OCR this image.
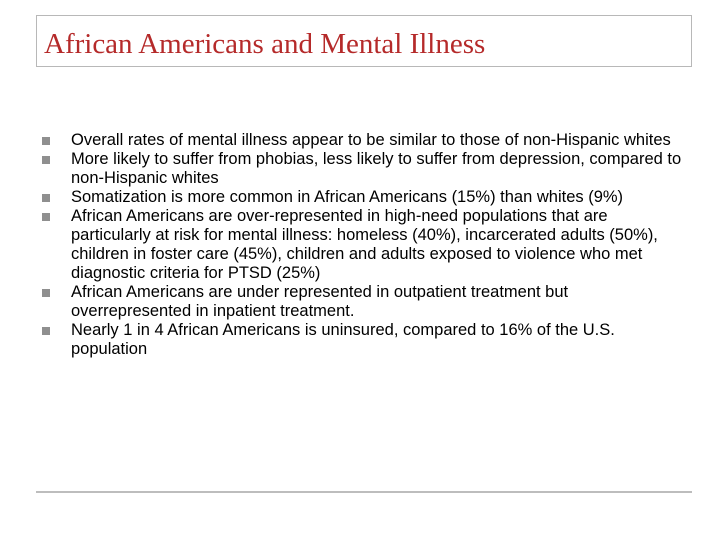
African Americans and Mental Illness
Overall rates of mental illness appear to be similar to those of non-Hispanic whites
More likely to suffer from phobias, less likely to suffer from depression, compared to non-Hispanic whites
Somatization is more common in African Americans (15%) than whites (9%)
African Americans are over-represented in high-need populations that are particularly at risk for mental illness: homeless (40%), incarcerated adults (50%), children in foster care (45%), children and adults exposed to violence who met diagnostic criteria for PTSD (25%)
African Americans are under represented in outpatient treatment but overrepresented in inpatient treatment.
Nearly 1 in 4 African Americans is uninsured, compared to 16% of the U.S. population
